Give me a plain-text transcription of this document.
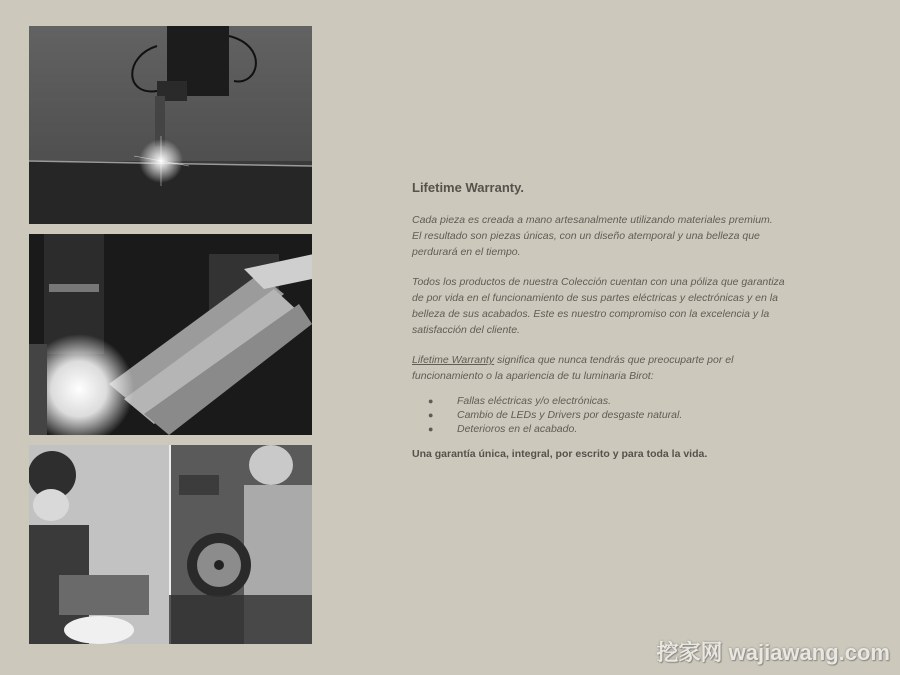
Lifetime Warranty.

Cada pieza es creada a mano artesanalmente utilizando materiales premium.
El resultado son piezas únicas, con un diseño atemporal y una belleza que
perdurará en el tiempo.

Todos los productos de nuestra Colección cuentan con una póliza que garantiza
de por vida en el funcionamiento de sus partes eléctricas y electrónicas y en la
belleza de sus acabados. Este es nuestro compromiso con la excelencia y la
satisfacción del cliente.

Lifetime Warranty significa que nunca tendrás que preocuparte por el
funcionamiento o la apariencia de tu luminaria Birot:

● Fallas eléctricas y/o electrónicas.
● Cambio de LEDs y Drivers por desgaste natural.
● Deterioros en el acabado.

Una garantía única, integral, por escrito y para toda la vida.

挖家网 wajiawang.com
